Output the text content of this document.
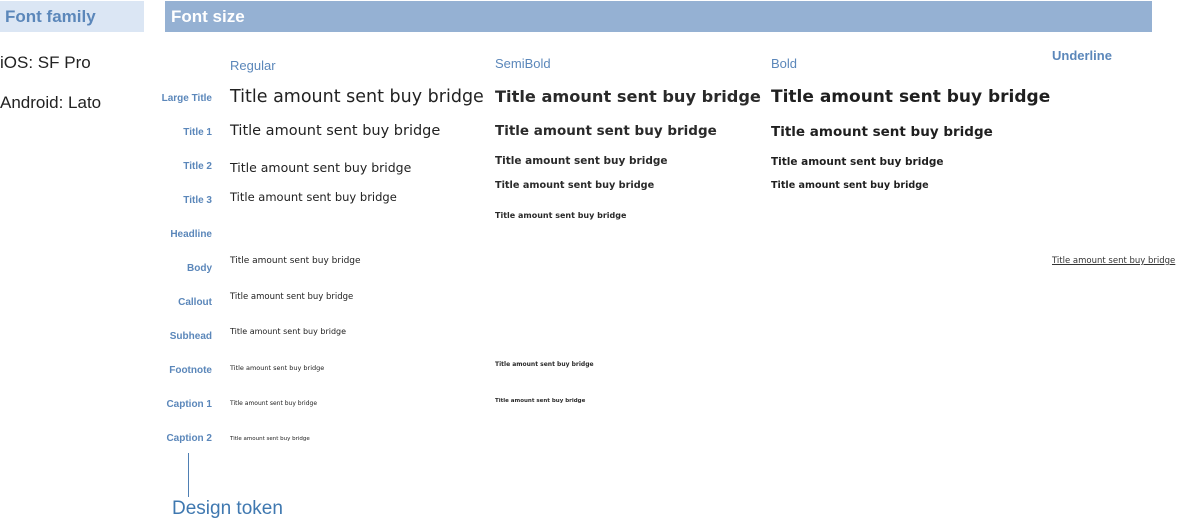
Font family
iOS: SF Pro
Android: Lato
Font size
Regular	SemiBold	Bold
Underline
Large Title
Title 1
Title 2
Title 3
Headline
Body
Callout
Subhead
Footnote
Caption 1
Caption 2
Title amount sent buy bridge
Title amount sent buy bridge
Title amount sent buy bridge
Title amount sent buy bridge
Title amount sent buy bridge
Title amount sent buy bridge
Title amount sent buy bridge
Title amount sent buy bridge
Title amount sent buy bridge
Title amount sent buy bridge
Title amount sent buy bridge
Title amount sent buy bridge
Title amount sent buy bridge
Title amount sent buy bridge
Title amount sent buy bridge
Title amount sent buy bridge
Title amount sent buy bridge
Title amount sent buy bridge
Title amount sent buy bridge
Title amount sent buy bridge
Title amount sent buy bridge
Title amount sent buy bridge
Design token
